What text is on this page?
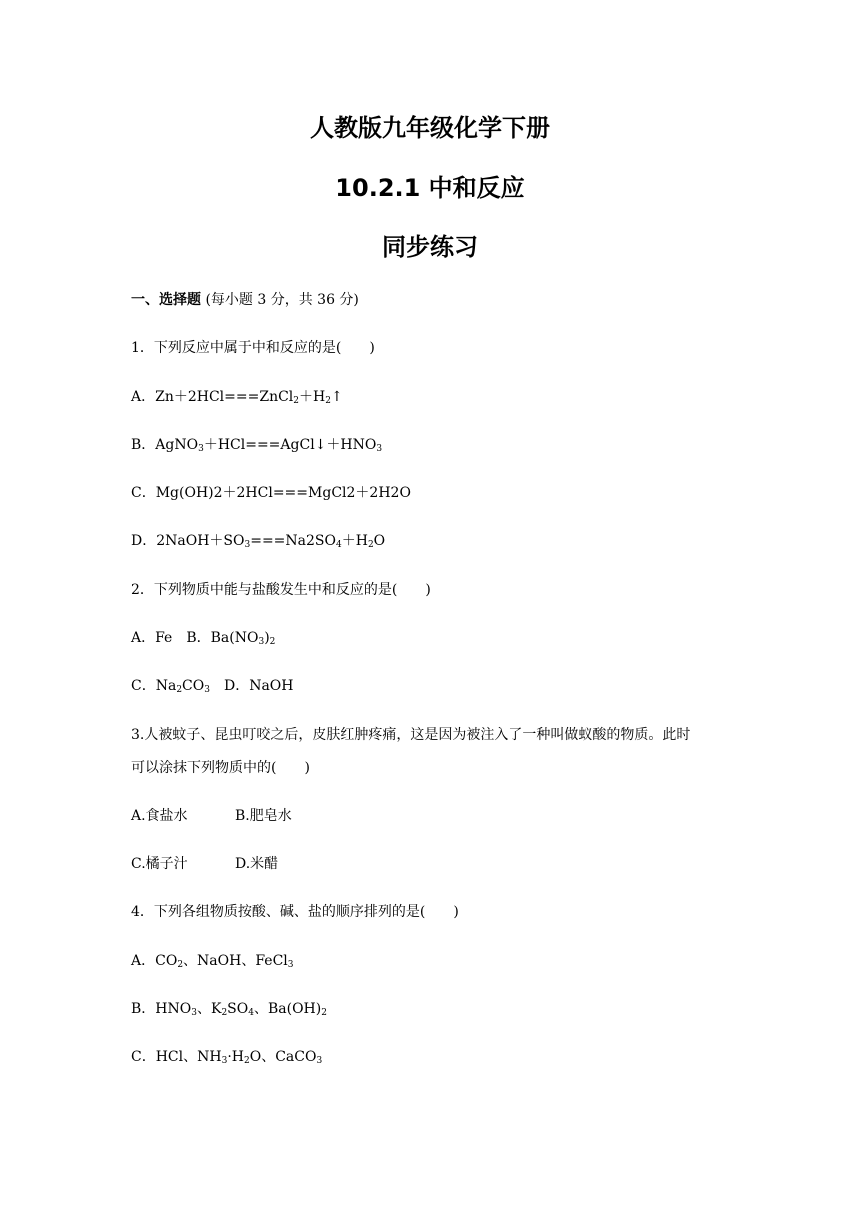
人教版九年级化学下册
10.2.1 中和反应
同步练习
一、选择题 (每小题 3 分，共 36 分)
1．下列反应中属于中和反应的是(　　)
A．$Zn+2HCl===ZnCl_2+H_2↑$
B．$AgNO_3+HCl===AgCl↓+HNO_3$
C．Mg(OH)2＋2HCl===MgCl2＋2H2O
D．$2NaOH+SO_3===Na2SO_4+H_2O$
2．下列物质中能与盐酸发生中和反应的是(　　)
A．Fe　B．$Ba(NO_3)_2$
C．$Na_2CO_3$　D．NaOH
3.人被蚊子、昆虫叮咬之后，皮肤红肿疼痛，这是因为被注入了一种叫做蚁酸的物质。此时
可以涂抹下列物质中的(　　)
A.食盐水	B.肥皂水
C.橘子汁	D.米醋
4．下列各组物质按酸、碱、盐的顺序排列的是(　　)
A．$CO_2$、NaOH、FeCl$_3$
B．$HNO_3$、$K_2SO_4$、$Ba(OH)_2$
C．HCl、$NH_3\cdot H_2O$、CaCO$_3$
